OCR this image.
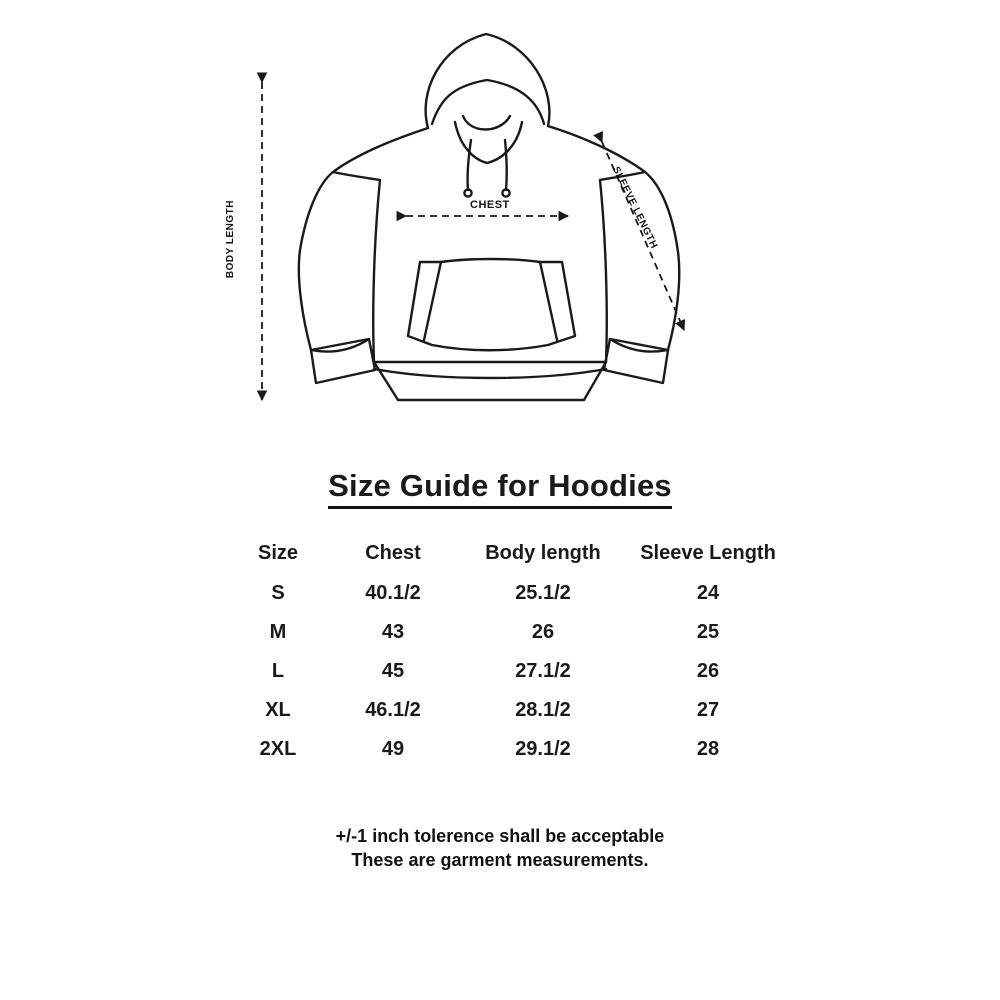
BODY LENGTH	CHEST	SLEEVE LENGTH
Size Guide for Hoodies
Size	Chest	Body length	Sleeve Length
S	40.1/2	25.1/2	24
M	43	26	25
L	45	27.1/2	26
XL	46.1/2	28.1/2	27
2XL	49	29.1/2	28
+/-1 inch tolerence shall be acceptable
These are garment measurements.
